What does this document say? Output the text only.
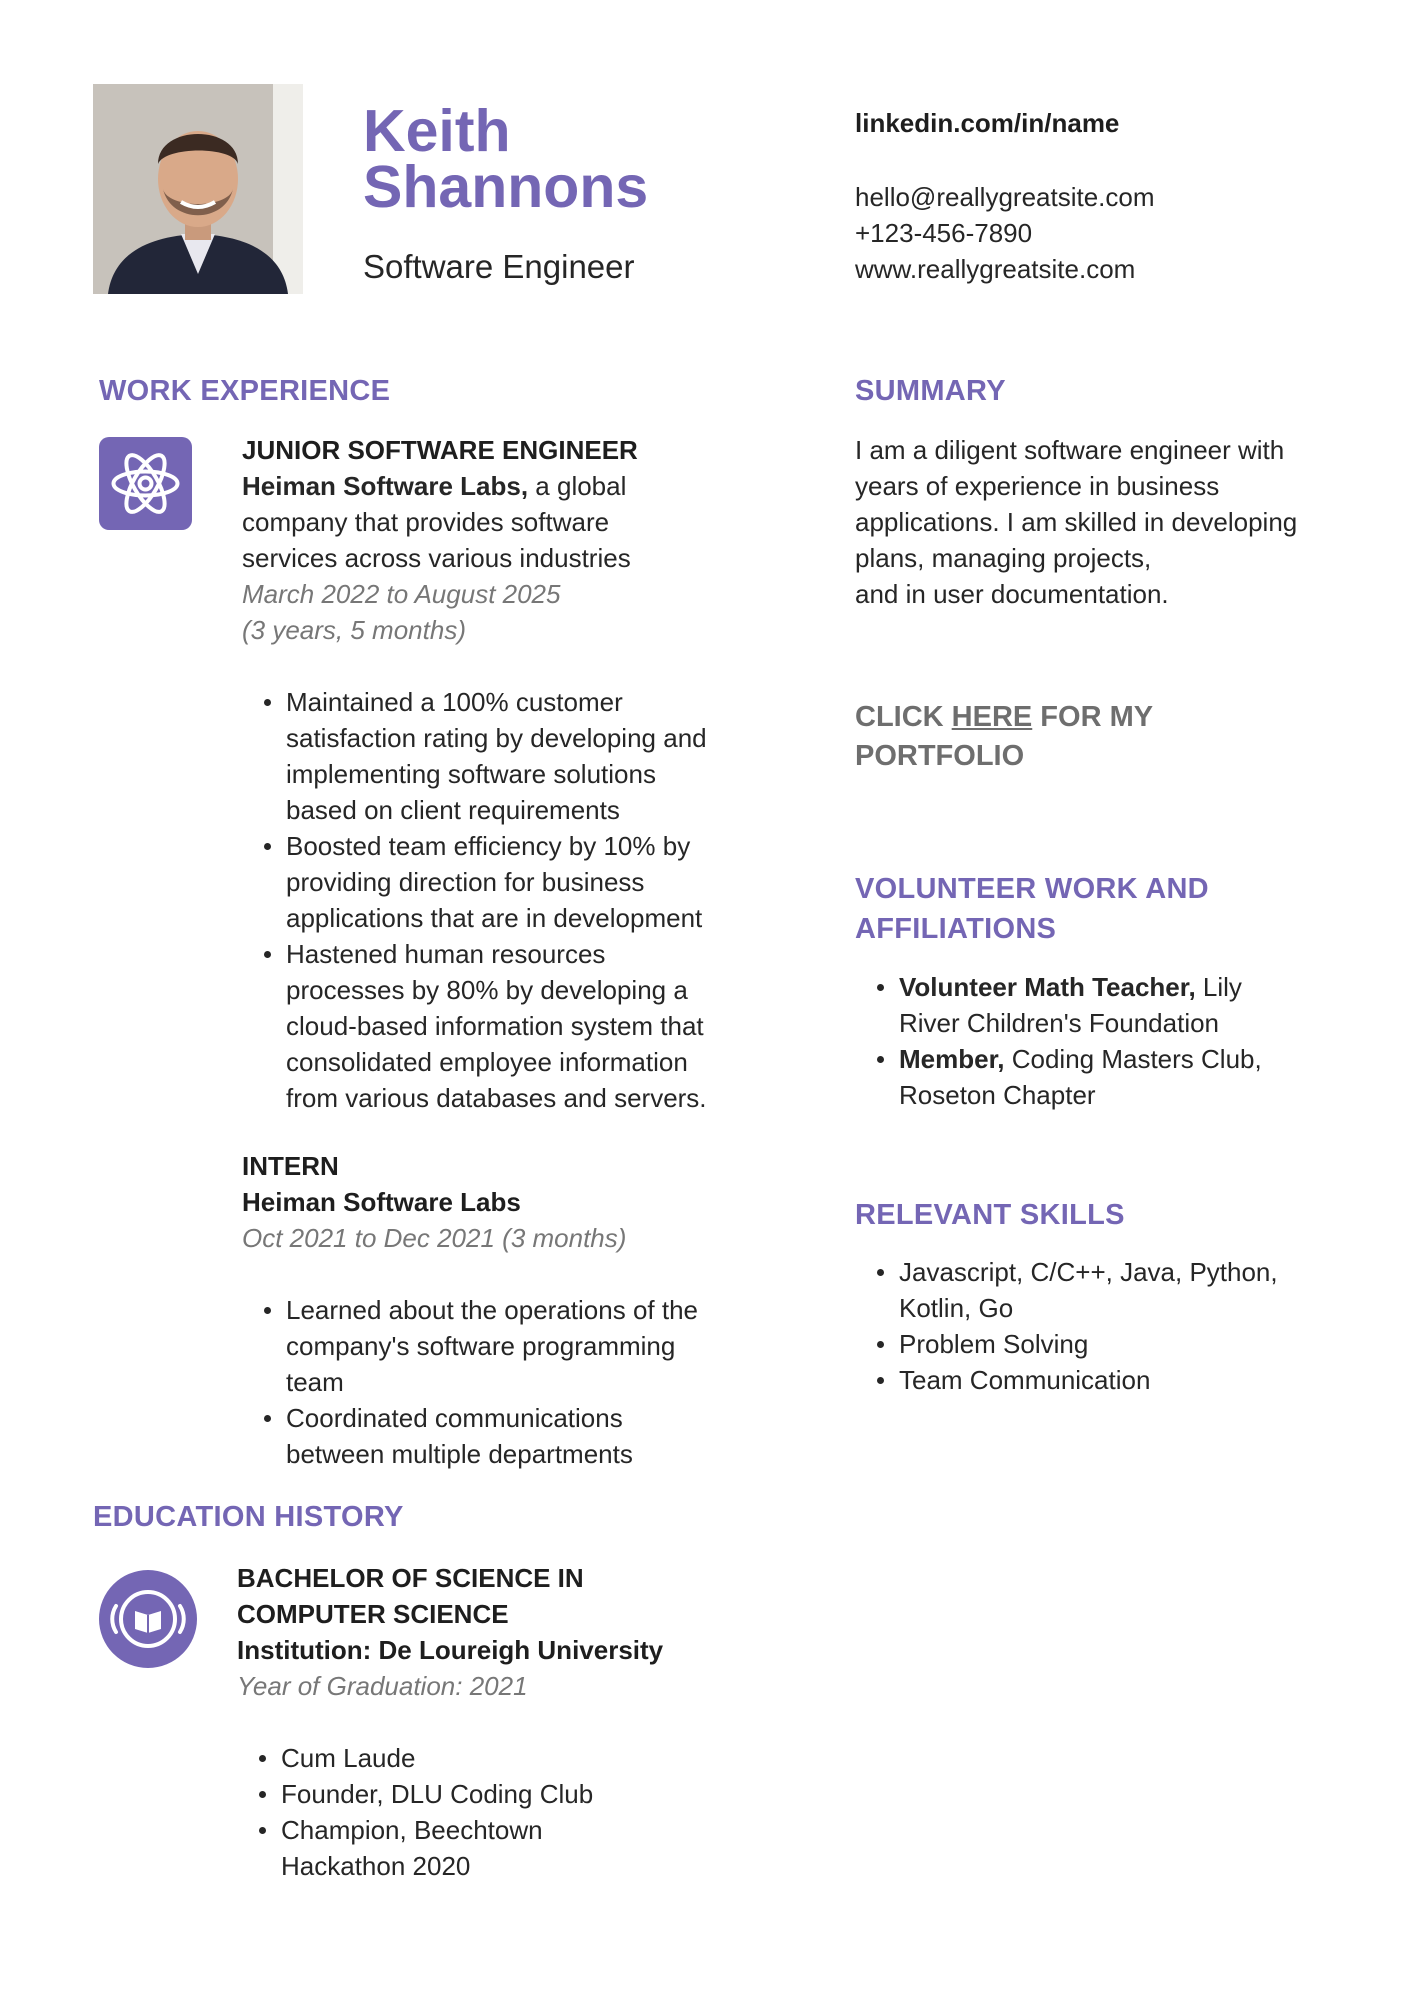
Keith
Shannons
Software Engineer
linkedin.com/in/name
hello@reallygreatsite.com
+123-456-7890
www.reallygreatsite.com
WORK EXPERIENCE
JUNIOR SOFTWARE ENGINEER
Heiman Software Labs, a global
company that provides software
services across various industries
March 2022 to August 2025
(3 years, 5 months)
Maintained a 100% customer
satisfaction rating by developing and
implementing software solutions
based on client requirements
Boosted team efficiency by 10% by
providing direction for business
applications that are in development
Hastened human resources
processes by 80% by developing a
cloud-based information system that
consolidated employee information
from various databases and servers.
INTERN
Heiman Software Labs
Oct 2021 to Dec 2021 (3 months)
Learned about the operations of the
company's software programming
team
Coordinated communications
between multiple departments
EDUCATION HISTORY
BACHELOR OF SCIENCE IN
COMPUTER SCIENCE
Institution: De Loureigh University
Year of Graduation: 2021
Cum Laude
Founder, DLU Coding Club
Champion, Beechtown
Hackathon 2020
SUMMARY
I am a diligent software engineer with
years of experience in business
applications. I am skilled in developing
plans, managing projects,
and in user documentation.

CLICK HERE FOR MY
PORTFOLIO

VOLUNTEER WORK AND
AFFILIATIONS
Volunteer Math Teacher, Lily
River Children's Foundation
Member, Coding Masters Club,
Roseton Chapter
RELEVANT SKILLS
Javascript, C/C++, Java, Python,
Kotlin, Go
Problem Solving
Team Communication
